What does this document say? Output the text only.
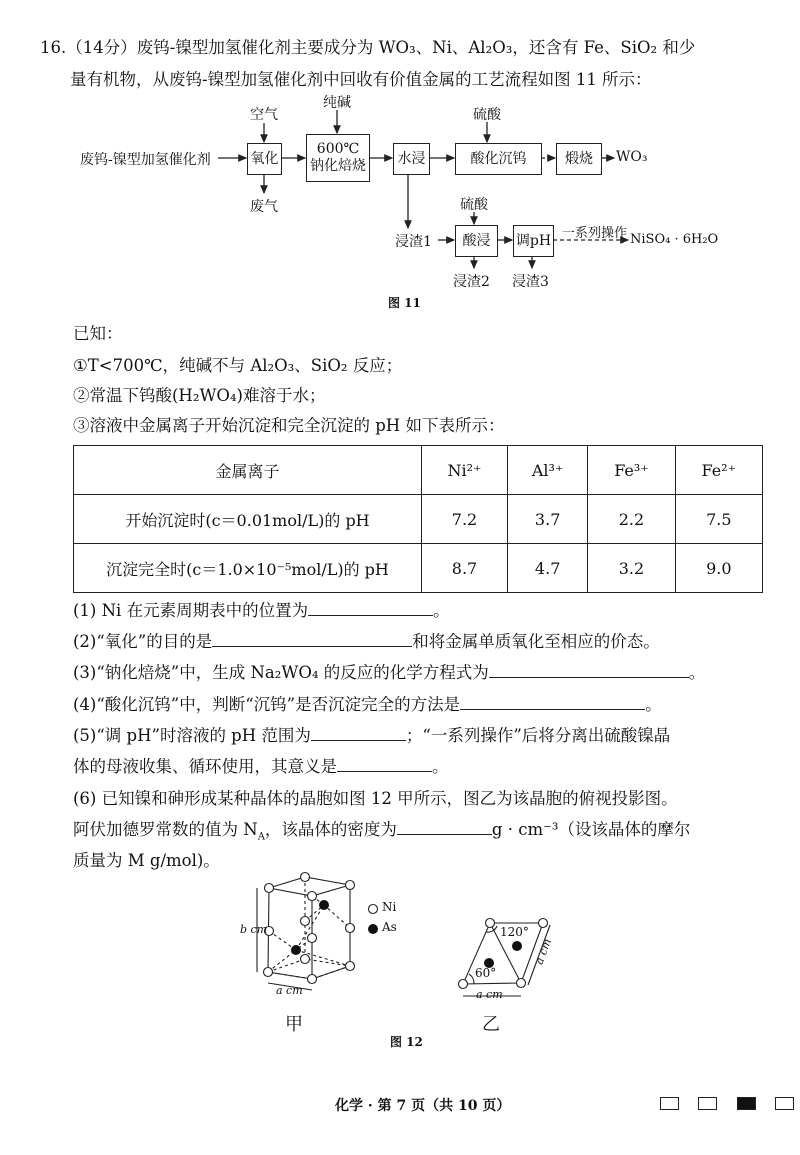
16.（14分）废钨-镍型加氢催化剂主要成分为 WO₃、Ni、Al₂O₃，还含有 Fe、SiO₂ 和少
量有机物，从废钨-镍型加氢催化剂中回收有价值金属的工艺流程如图 11 所示：
废钨-镍型加氢催化剂
空气
氧化
废气
纯碱
600℃
钠化焙烧	水浸
硫酸
酸化沉钨	煅烧	WO₃
浸渣1
硫酸
酸浸	调pH 一系列操作 NiSO₄ · 6H₂O
浸渣2 浸渣3
图 11
已知：
①T<700℃，纯碱不与 Al₂O₃、SiO₂ 反应；
②常温下钨酸(H₂WO₄)难溶于水；
③溶液中金属离子开始沉淀和完全沉淀的 pH 如下表所示：
金属离子	Ni²⁺	Al³⁺	Fe³⁺	Fe²⁺
开始沉淀时(c＝0.01mol/L)的 pH	7.2	3.7	2.2	7.5
沉淀完全时(c＝1.0×10⁻⁵mol/L)的 pH	8.7	4.7	3.2	9.0
(1) Ni 在元素周期表中的位置为	。
(2)“氧化”的目的是	和将金属单质氧化至相应的价态。
(3)“钠化焙烧”中，生成 Na₂WO₄ 的反应的化学方程式为	。
(4)“酸化沉钨”中，判断“沉钨”是否沉淀完全的方法是	。
(5)“调 pH”时溶液的 pH 范围为	；“一系列操作”后将分离出硫酸镍晶
体的母液收集、循环使用，其意义是	。
(6) 已知镍和砷形成某种晶体的晶胞如图 12 甲所示，图乙为该晶胞的俯视投影图。
阿伏加德罗常数的值为 $N_A$，该晶体的密度为	g · cm⁻³（设该晶体的摩尔
质量为 M g/mol)。
Ni
As
b cm
a cm	a cm
a cm
120°
60°
甲	乙
图 12
化学 · 第 7 页（共 10 页）
